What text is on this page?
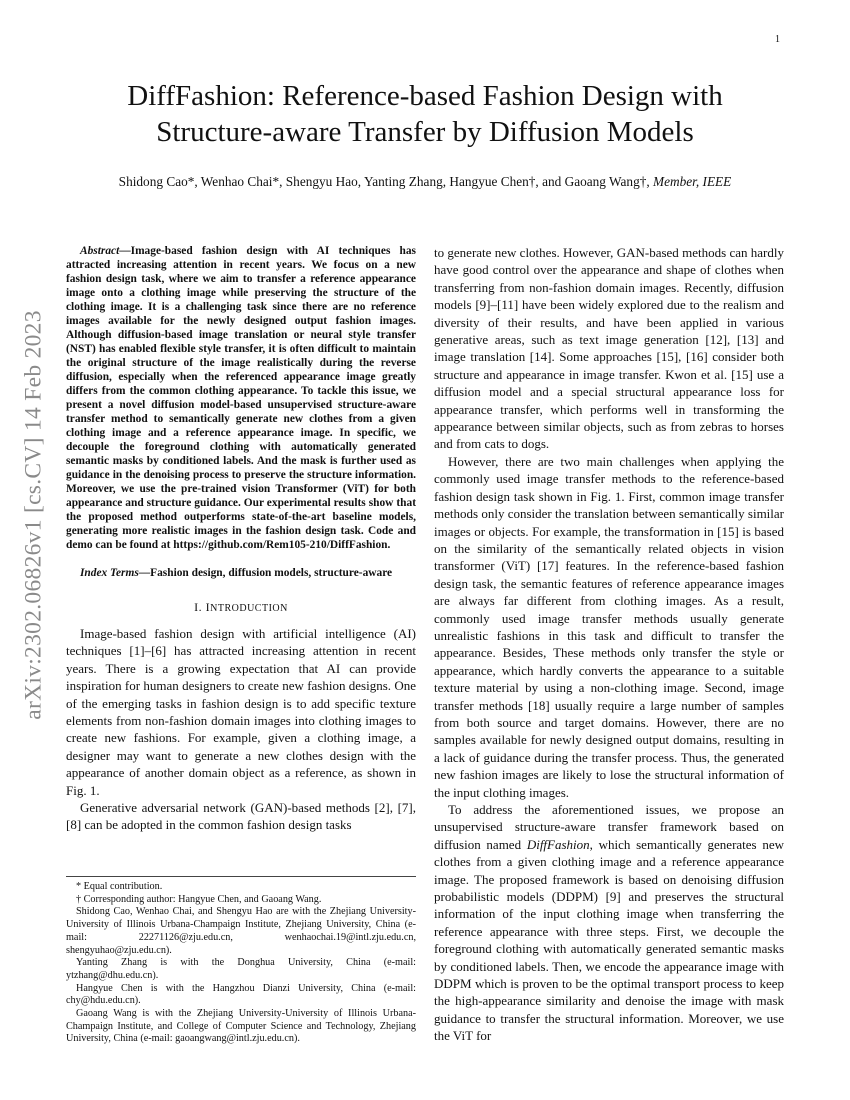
1
arXiv:2302.06826v1 [cs.CV] 14 Feb 2023
DiffFashion: Reference-based Fashion Design with
Structure-aware Transfer by Diffusion Models
Shidong Cao*, Wenhao Chai*, Shengyu Hao, Yanting Zhang, Hangyue Chen†, and Gaoang Wang†, Member, IEEE

Abstract—Image-based fashion design with AI techniques has attracted increasing attention in recent years. We focus on a new fashion design task, where we aim to transfer a reference appearance image onto a clothing image while preserving the structure of the clothing image. It is a challenging task since there are no reference images available for the newly designed output fashion images. Although diffusion-based image translation or neural style transfer (NST) has enabled flexible style transfer, it is often difficult to maintain the original structure of the image realistically during the reverse diffusion, especially when the referenced appearance image greatly differs from the common clothing appearance. To tackle this issue, we present a novel diffusion model-based unsupervised structure-aware transfer method to semantically generate new clothes from a given clothing image and a reference appearance image. In specific, we decouple the foreground clothing with automatically generated semantic masks by conditioned labels. And the mask is further used as guidance in the denoising process to preserve the structure information. Moreover, we use the pre-trained vision Transformer (ViT) for both appearance and structure guidance. Our experimental results show that the proposed method outperforms state-of-the-art baseline models, generating more realistic images in the fashion design task. Code and demo can be found at https://github.com/Rem105-210/DiffFashion.

Index Terms—Fashion design, diffusion models, structure-aware

I. INTRODUCTION

Image-based fashion design with artificial intelligence (AI) techniques [1]–[6] has attracted increasing attention in recent years. There is a growing expectation that AI can provide inspiration for human designers to create new fashion designs. One of the emerging tasks in fashion design is to add specific texture elements from non-fashion domain images into clothing images to create new fashions. For example, given a clothing image, a designer may want to generate a new clothes design with the appearance of another domain object as a reference, as shown in Fig. 1.

Generative adversarial network (GAN)-based methods [2], [7], [8] can be adopted in the common fashion design tasks

* Equal contribution.

† Corresponding author: Hangyue Chen, and Gaoang Wang.

Shidong Cao, Wenhao Chai, and Shengyu Hao are with the Zhejiang University-University of Illinois Urbana-Champaign Institute, Zhejiang University, China (e-mail: 22271126@zju.edu.cn, wenhaochai.19@intl.zju.edu.cn, shengyuhao@zju.edu.cn).

Yanting Zhang is with the Donghua University, China (e-mail: ytzhang@dhu.edu.cn).

Hangyue Chen is with the Hangzhou Dianzi University, China (e-mail: chy@hdu.edu.cn).

Gaoang Wang is with the Zhejiang University-University of Illinois Urbana-Champaign Institute, and College of Computer Science and Technology, Zhejiang University, China (e-mail: gaoangwang@intl.zju.edu.cn).

to generate new clothes. However, GAN-based methods can hardly have good control over the appearance and shape of clothes when transferring from non-fashion domain images. Recently, diffusion models [9]–[11] have been widely explored due to the realism and diversity of their results, and have been applied in various generative areas, such as text image generation [12], [13] and image translation [14]. Some approaches [15], [16] consider both structure and appearance in image transfer. Kwon et al. [15] use a diffusion model and a special structural appearance loss for appearance transfer, which performs well in transforming the appearance between similar objects, such as from zebras to horses and from cats to dogs.

However, there are two main challenges when applying the commonly used image transfer methods to the reference-based fashion design task shown in Fig. 1. First, common image transfer methods only consider the translation between semantically similar images or objects. For example, the transformation in [15] is based on the similarity of the semantically related objects in vision transformer (ViT) [17] features. In the reference-based fashion design task, the semantic features of reference appearance images are always far different from clothing images. As a result, commonly used image transfer methods usually generate unrealistic fashions in this task and difficult to transfer the appearance. Besides, These methods only transfer the style or appearance, which hardly converts the appearance to a suitable texture material by using a non-clothing image. Second, image transfer methods [18] usually require a large number of samples from both source and target domains. However, there are no samples available for newly designed output domains, resulting in a lack of guidance during the transfer process. Thus, the generated new fashion images are likely to lose the structural information of the input clothing images.

To address the aforementioned issues, we propose an unsupervised structure-aware transfer framework based on diffusion named DiffFashion, which semantically generates new clothes from a given clothing image and a reference appearance image. The proposed framework is based on denoising diffusion probabilistic models (DDPM) [9] and preserves the structural information of the input clothing image when transferring the reference appearance with three steps. First, we decouple the foreground clothing with automatically generated semantic masks by conditioned labels. Then, we encode the appearance image with DDPM which is proven to be the optimal transport process to keep the high-appearance similarity and denoise the image with mask guidance to transfer the structural information. Moreover, we use the ViT for
